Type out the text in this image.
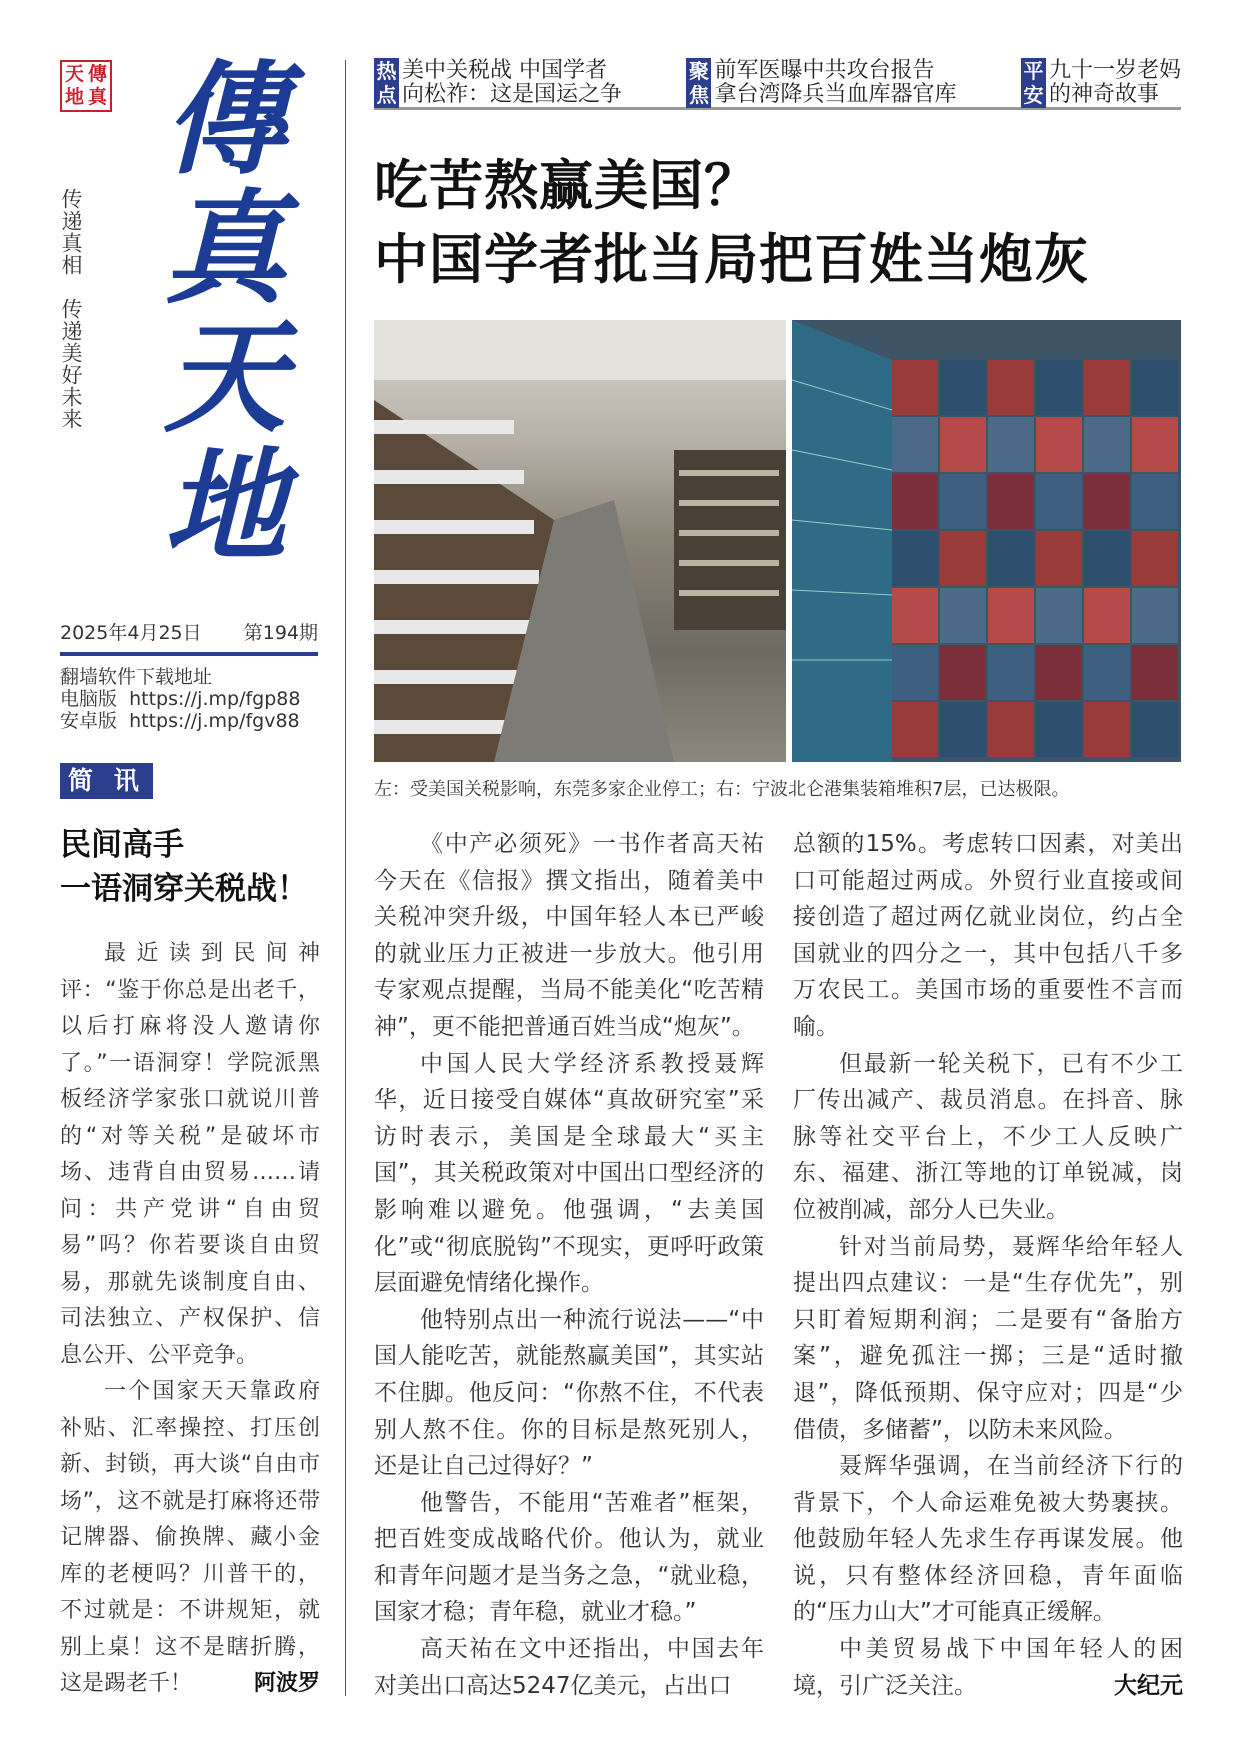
天 傳
地 真 傳
真
天
地
传递真相　传递美好未来
2025年4月25日 第194期
翻墙软件下载地址
电脑版  https://j.mp/fgp88
安卓版  https://j.mp/fgv88
简 讯
民间高手
一语洞穿关税战！

最近读到民间神评：“鉴于你总是出老千，以后打麻将没人邀请你了。”一语洞穿！学院派黑板经济学家张口就说川普的“对等关税”是破坏市场、违背自由贸易……请问：共产党讲“自由贸易”吗？你若要谈自由贸易，那就先谈制度自由、司法独立、产权保护、信息公开、公平竞争。

一个国家天天靠政府补贴、汇率操控、打压创新、封锁，再大谈“自由市场”，这不就是打麻将还带记牌器、偷换牌、藏小金库的老梗吗？川普干的，不过就是：不讲规矩，就别上桌！这不是瞎折腾，这是踢老千！	阿波罗

热点
美中关税战 中国学者
向松祚：这是国运之争
聚焦
前军医曝中共攻台报告
拿台湾降兵当血库器官库
平安
九十一岁老妈
的神奇故事
吃苦熬赢美国？
中国学者批当局把百姓当炮灰
左：受美国关税影响，东莞多家企业停工；右：宁波北仑港集装箱堆积7层，已达极限。

《中产必须死》一书作者高天祐今天在《信报》撰文指出，随着美中关税冲突升级，中国年轻人本已严峻的就业压力正被进一步放大。他引用专家观点提醒，当局不能美化“吃苦精神”，更不能把普通百姓当成“炮灰”。

中国人民大学经济系教授聂辉华，近日接受自媒体“真故研究室”采访时表示，美国是全球最大“买主国”，其关税政策对中国出口型经济的影响难以避免。他强调，“去美国化”或“彻底脱钩”不现实，更呼吁政策层面避免情绪化操作。

他特别点出一种流行说法——“中国人能吃苦，就能熬赢美国”，其实站不住脚。他反问：“你熬不住，不代表别人熬不住。你的目标是熬死别人，还是让自己过得好？”

他警告，不能用“苦难者”框架，把百姓变成战略代价。他认为，就业和青年问题才是当务之急，“就业稳，国家才稳；青年稳，就业才稳。”

高天祐在文中还指出，中国去年对美出口高达5247亿美元，占出口

总额的15%。考虑转口因素，对美出口可能超过两成。外贸行业直接或间接创造了超过两亿就业岗位，约占全国就业的四分之一，其中包括八千多万农民工。美国市场的重要性不言而喻。

但最新一轮关税下，已有不少工厂传出减产、裁员消息。在抖音、脉脉等社交平台上，不少工人反映广东、福建、浙江等地的订单锐减，岗位被削减，部分人已失业。

针对当前局势，聂辉华给年轻人提出四点建议：一是“生存优先”，别只盯着短期利润；二是要有“备胎方案”，避免孤注一掷；三是“适时撤退”，降低预期、保守应对；四是“少借债，多储蓄”，以防未来风险。

聂辉华强调，在当前经济下行的背景下，个人命运难免被大势裹挟。他鼓励年轻人先求生存再谋发展。他说，只有整体经济回稳，青年面临的“压力山大”才可能真正缓解。

中美贸易战下中国年轻人的困境，引广泛关注。	大纪元
